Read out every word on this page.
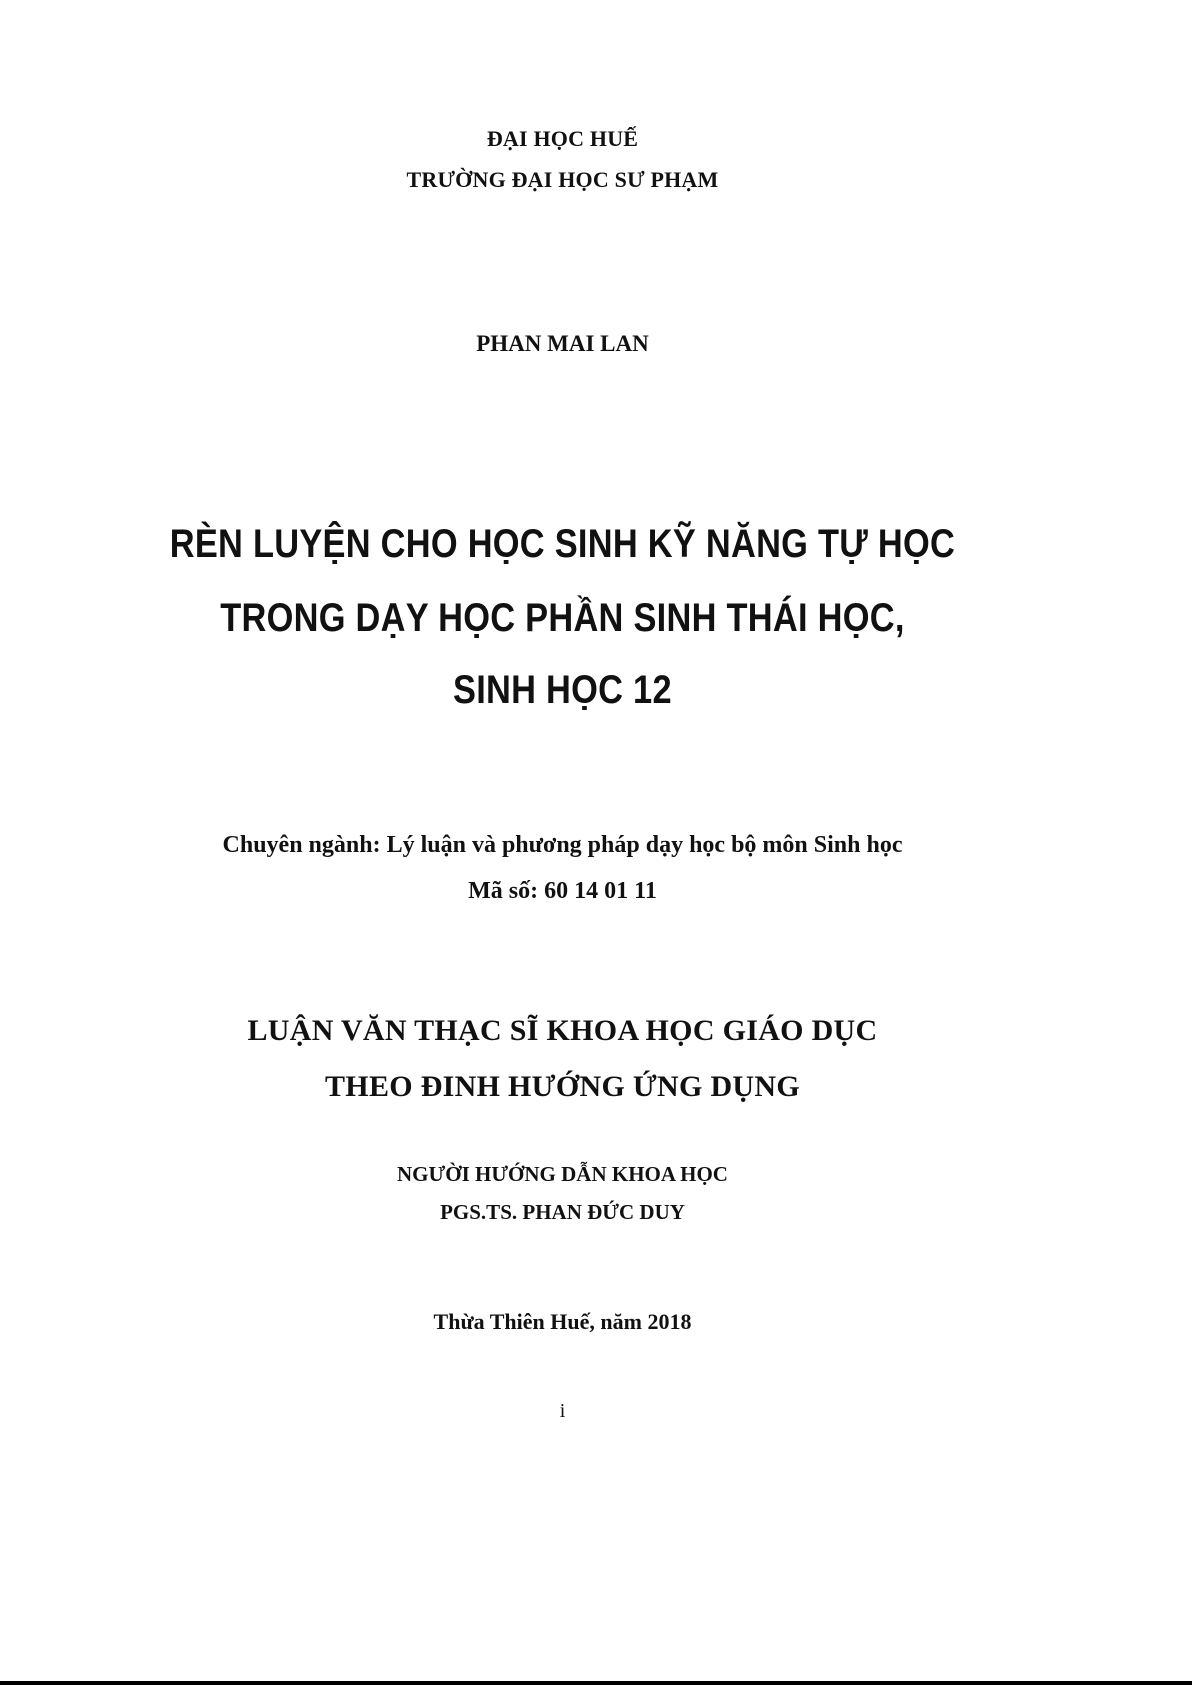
ĐẠI HỌC HUẾ
TRƯỜNG ĐẠI HỌC SƯ PHẠM
PHAN MAI LAN
RÈN LUYỆN CHO HỌC SINH KỸ NĂNG TỰ HỌC
TRONG DẠY HỌC PHẦN SINH THÁI HỌC,
SINH HỌC 12
Chuyên ngành: Lý luận và phương pháp dạy học bộ môn Sinh học
Mã số: 60 14 01 11
LUẬN VĂN THẠC SĨ KHOA HỌC GIÁO DỤC
THEO ĐINH HƯỚNG ỨNG DỤNG
NGƯỜI HƯỚNG DẪN KHOA HỌC
PGS.TS. PHAN ĐỨC DUY
Thừa Thiên Huế, năm 2018
i
